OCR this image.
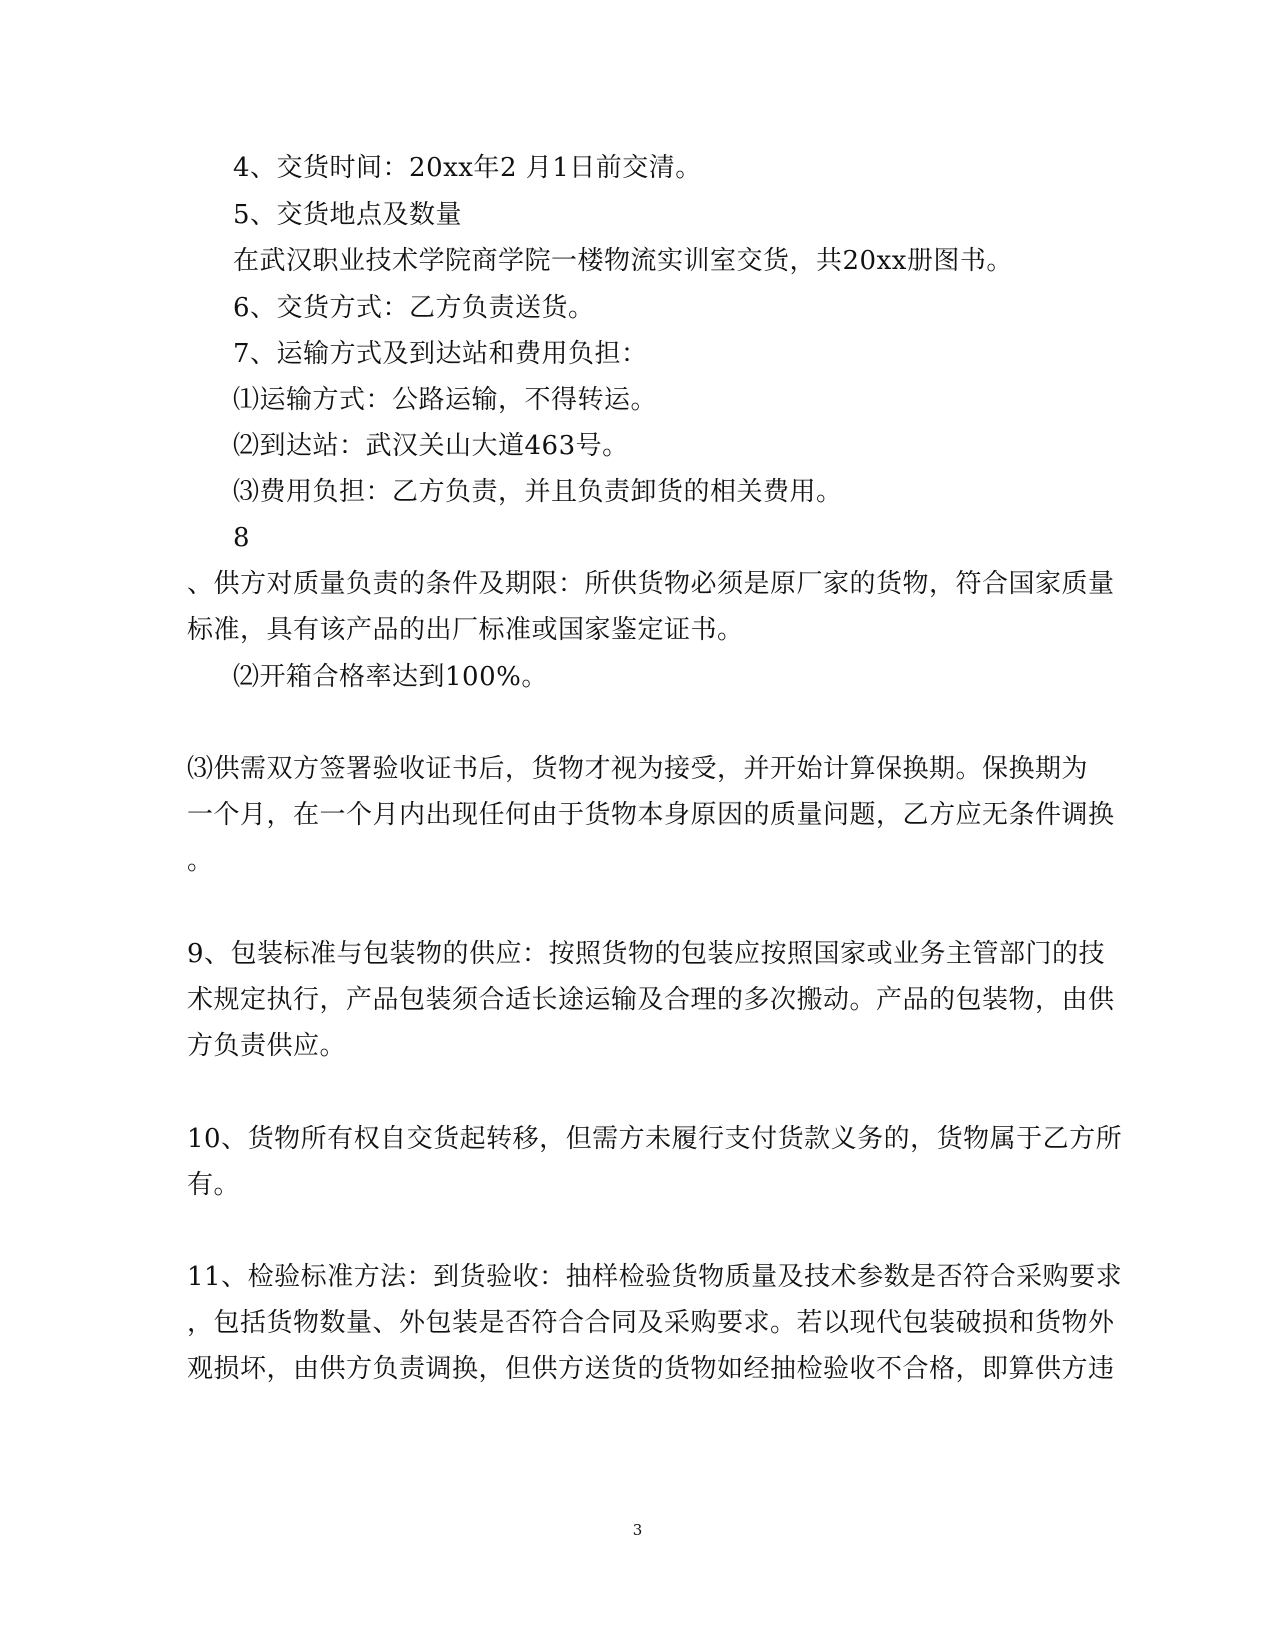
4、交货时间：20xx年2 月1日前交清。
5、交货地点及数量
在武汉职业技术学院商学院一楼物流实训室交货，共20xx册图书。
6、交货方式：乙方负责送货。
7、运输方式及到达站和费用负担：
⑴运输方式：公路运输，不得转运。
⑵到达站：武汉关山大道463号。
⑶费用负担：乙方负责，并且负责卸货的相关费用。
8
、供方对质量负责的条件及期限：所供货物必须是原厂家的货物，符合国家质量
标准，具有该产品的出厂标准或国家鉴定证书。
⑵开箱合格率达到100%。
⑶供需双方签署验收证书后，货物才视为接受，并开始计算保换期。保换期为
一个月，在一个月内出现任何由于货物本身原因的质量问题，乙方应无条件调换
。
9、包装标准与包装物的供应：按照货物的包装应按照国家或业务主管部门的技
术规定执行，产品包装须合适长途运输及合理的多次搬动。产品的包装物，由供
方负责供应。
10、货物所有权自交货起转移，但需方未履行支付货款义务的，货物属于乙方所
有。
11、检验标准方法：到货验收：抽样检验货物质量及技术参数是否符合采购要求
，包括货物数量、外包装是否符合合同及采购要求。若以现代包装破损和货物外
观损坏，由供方负责调换，但供方送货的货物如经抽检验收不合格，即算供方违
3
